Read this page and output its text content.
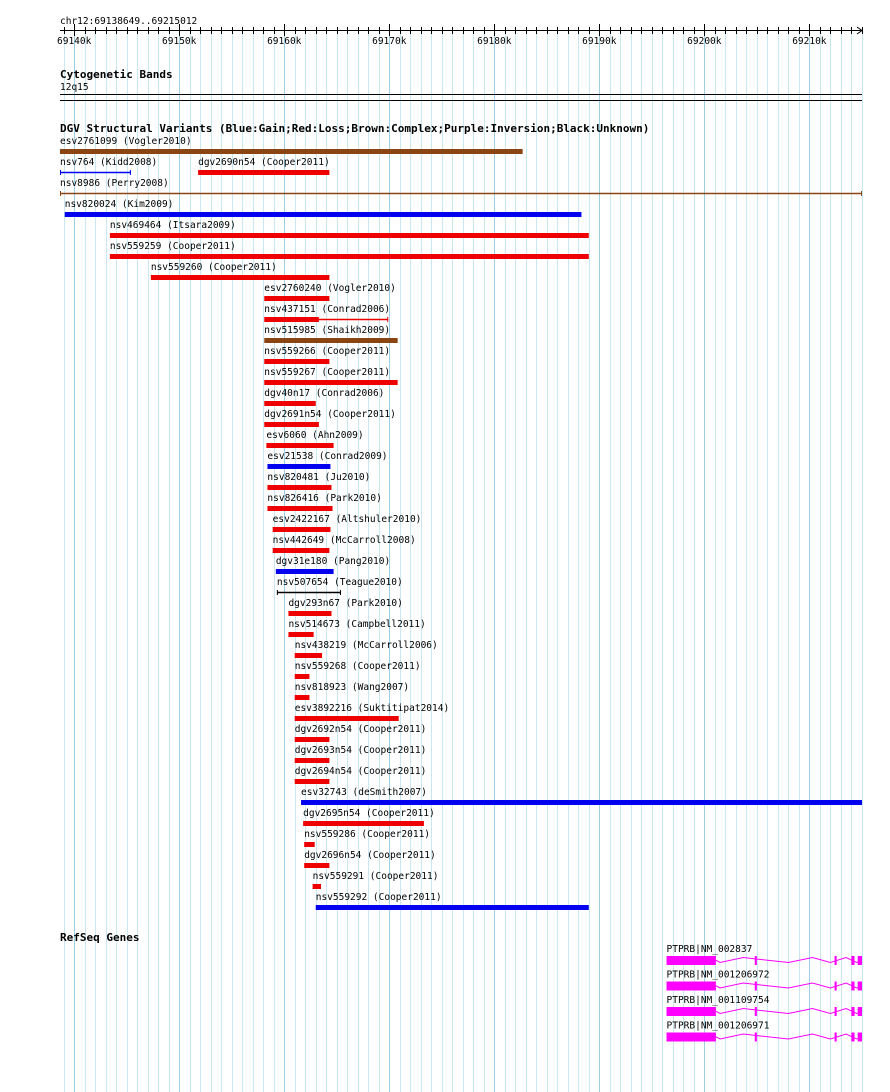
chr12:69138649..69215012
69140k	69150k	69160k	69170k	69180k	69190k	69200k	69210k
Cytogenetic Bands
12q15
DGV Structural Variants (Blue:Gain;Red:Loss;Brown:Complex;Purple:Inversion;Black:Unknown)
esv2761099 (Vogler2010)
nsv764 (Kidd2008)	dgv2690n54 (Cooper2011)
nsv8986 (Perry2008)
nsv820024 (Kim2009)
nsv469464 (Itsara2009)
nsv559259 (Cooper2011)
nsv559260 (Cooper2011)
esv2760240 (Vogler2010)
nsv437151 (Conrad2006)
nsv515985 (Shaikh2009)
nsv559266 (Cooper2011)
nsv559267 (Cooper2011)
dgv40n17 (Conrad2006)
dgv2691n54 (Cooper2011)
esv6060 (Ahn2009)
esv21538 (Conrad2009)
nsv820481 (Ju2010)
nsv826416 (Park2010)
esv2422167 (Altshuler2010)
nsv442649 (McCarroll2008)
dgv31e180 (Pang2010)
nsv507654 (Teague2010)
dgv293n67 (Park2010)
nsv514673 (Campbell2011)
nsv438219 (McCarroll2006)
nsv559268 (Cooper2011)
nsv818923 (Wang2007)
esv3892216 (Suktitipat2014)
dgv2692n54 (Cooper2011)
dgv2693n54 (Cooper2011)
dgv2694n54 (Cooper2011)
esv32743 (deSmith2007)
dgv2695n54 (Cooper2011)
nsv559286 (Cooper2011)
dgv2696n54 (Cooper2011)
nsv559291 (Cooper2011)
nsv559292 (Cooper2011)
RefSeq Genes
PTPRB|NM_002837
PTPRB|NM_001206972
PTPRB|NM_001109754
PTPRB|NM_001206971
